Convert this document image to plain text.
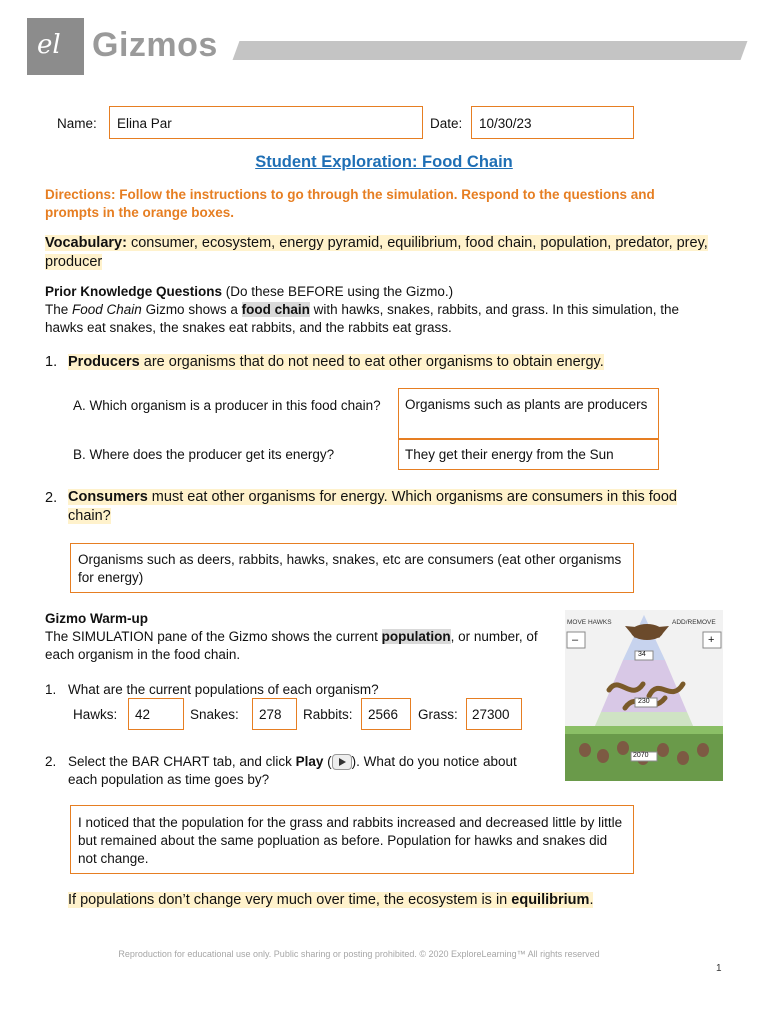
el Gizmos
Name:	Elina Par	Date:	10/30/23
Student Exploration: Food Chain
Directions: Follow the instructions to go through the simulation. Respond to the questions and prompts in the orange boxes.
Vocabulary: consumer, ecosystem, energy pyramid, equilibrium, food chain, population, predator, prey, producer
Prior Knowledge Questions (Do these BEFORE using the Gizmo.)
The Food Chain Gizmo shows a food chain with hawks, snakes, rabbits, and grass. In this simulation, the hawks eat snakes, the snakes eat rabbits, and the rabbits eat grass.
1. Producers are organisms that do not need to eat other organisms to obtain energy.
A. Which organism is a producer in this food chain?	Organisms such as plants are producers
B. Where does the producer get its energy?	They get their energy from the Sun
2. Consumers must eat other organisms for energy. Which organisms are consumers in this food chain?
Organisms such as deers, rabbits, hawks, snakes, etc are consumers (eat other organisms for energy)
Gizmo Warm-up
The SIMULATION pane of the Gizmo shows the current population, or number, of each organism in the food chain.
1. What are the current populations of each organism?
Hawks:	42	Snakes:	278	Rabbits:	2566	Grass:	27300
2. Select the BAR CHART tab, and click Play ( ). What do you notice about each population as time goes by?
I noticed that the population for the grass and rabbits increased and decreased little by little but remained about the same popluation as before. Population for hawks and snakes did not change.
If populations don’t change very much over time, the ecosystem is in equilibrium.
MOVE HAWKS	ADD/REMOVE
–	+
34
230
2070
Reproduction for educational use only. Public sharing or posting prohibited. © 2020 ExploreLearning™ All rights reserved
1
